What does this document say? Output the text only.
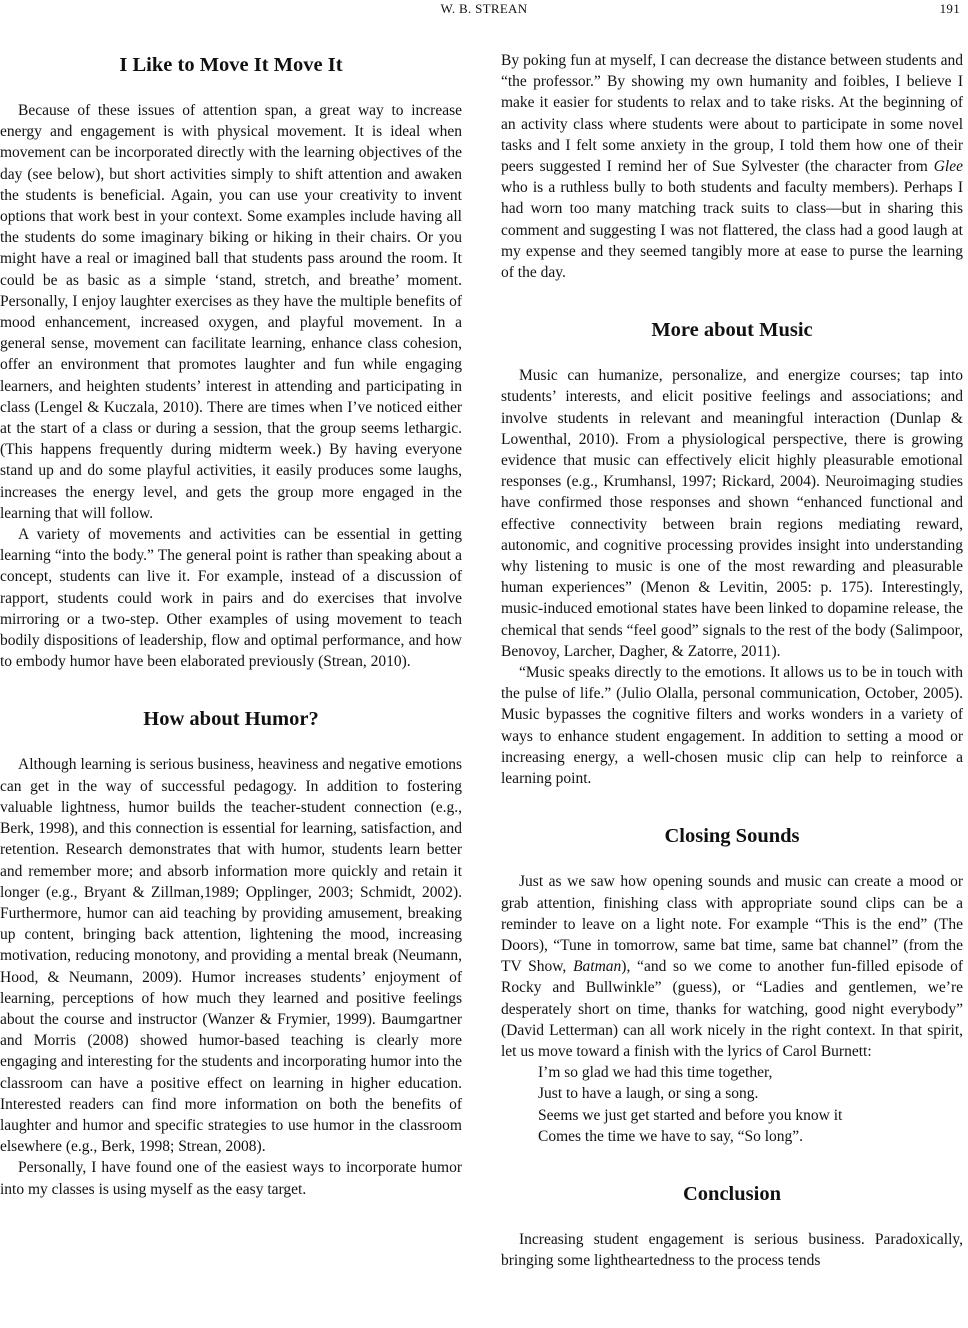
W. B. STREAN	191
I Like to Move It Move It

Because of these issues of attention span, a great way to increase energy and engagement is with physical movement. It is ideal when movement can be incorporated directly with the learning objectives of the day (see below), but short activities simply to shift attention and awaken the students is beneficial. Again, you can use your creativity to invent options that work best in your context. Some examples include having all the students do some imaginary biking or hiking in their chairs. Or you might have a real or imagined ball that students pass around the room. It could be as basic as a simple ‘stand, stretch, and breathe’ moment. Personally, I enjoy laughter exercises as they have the multiple benefits of mood enhancement, increased oxygen, and playful movement. In a general sense, movement can facilitate learning, enhance class cohesion, offer an environment that promotes laughter and fun while engaging learners, and heighten students’ interest in attending and participating in class (Lengel & Kuczala, 2010). There are times when I’ve noticed either at the start of a class or during a session, that the group seems lethargic. (This happens frequently during midterm week.) By having everyone stand up and do some playful activities, it easily produces some laughs, increases the energy level, and gets the group more engaged in the learning that will follow.

A variety of movements and activities can be essential in getting learning “into the body.” The general point is rather than speaking about a concept, students can live it. For example, instead of a discussion of rapport, students could work in pairs and do exercises that involve mirroring or a two-step. Other examples of using movement to teach bodily dispositions of leadership, flow and optimal performance, and how to embody humor have been elaborated previously (Strean, 2010).

How about Humor?

Although learning is serious business, heaviness and negative emotions can get in the way of successful pedagogy. In addition to fostering valuable lightness, humor builds the teacher-student connection (e.g., Berk, 1998), and this connection is essential for learning, satisfaction, and retention. Research demonstrates that with humor, students learn better and remember more; and absorb information more quickly and retain it longer (e.g., Bryant & Zillman,1989; Opplinger, 2003; Schmidt, 2002). Furthermore, humor can aid teaching by providing amusement, breaking up content, bringing back attention, lightening the mood, increasing motivation, reducing monotony, and providing a mental break (Neumann, Hood, & Neumann, 2009). Humor increases students’ enjoyment of learning, perceptions of how much they learned and positive feelings about the course and instructor (Wanzer & Frymier, 1999). Baumgartner and Morris (2008) showed humor-based teaching is clearly more engaging and interesting for the students and incorporating humor into the classroom can have a positive effect on learning in higher education. Interested readers can find more information on both the benefits of laughter and humor and specific strategies to use humor in the classroom elsewhere (e.g., Berk, 1998; Strean, 2008).

Personally, I have found one of the easiest ways to incorporate humor into my classes is using myself as the easy target.

By poking fun at myself, I can decrease the distance between students and “the professor.” By showing my own humanity and foibles, I believe I make it easier for students to relax and to take risks. At the beginning of an activity class where students were about to participate in some novel tasks and I felt some anxiety in the group, I told them how one of their peers suggested I remind her of Sue Sylvester (the character from Glee who is a ruthless bully to both students and faculty members). Perhaps I had worn too many matching track suits to class—but in sharing this comment and suggesting I was not flattered, the class had a good laugh at my expense and they seemed tangibly more at ease to purse the learning of the day.

More about Music

Music can humanize, personalize, and energize courses; tap into students’ interests, and elicit positive feelings and associations; and involve students in relevant and meaningful interaction (Dunlap & Lowenthal, 2010). From a physiological perspective, there is growing evidence that music can effectively elicit highly pleasurable emotional responses (e.g., Krumhansl, 1997; Rickard, 2004). Neuroimaging studies have confirmed those responses and shown “enhanced functional and effective connectivity between brain regions mediating reward, autonomic, and cognitive processing provides insight into understanding why listening to music is one of the most rewarding and pleasurable human experiences” (Menon & Levitin, 2005: p. 175). Interestingly, music-induced emotional states have been linked to dopamine release, the chemical that sends “feel good” signals to the rest of the body (Salimpoor, Benovoy, Larcher, Dagher, & Zatorre, 2011).

“Music speaks directly to the emotions. It allows us to be in touch with the pulse of life.” (Julio Olalla, personal communication, October, 2005). Music bypasses the cognitive filters and works wonders in a variety of ways to enhance student engagement. In addition to setting a mood or increasing energy, a well-chosen music clip can help to reinforce a learning point.

Closing Sounds

Just as we saw how opening sounds and music can create a mood or grab attention, finishing class with appropriate sound clips can be a reminder to leave on a light note. For example “This is the end” (The Doors), “Tune in tomorrow, same bat time, same bat channel” (from the TV Show, Batman), “and so we come to another fun-filled episode of Rocky and Bullwinkle” (guess), or “Ladies and gentlemen, we’re desperately short on time, thanks for watching, good night everybody” (David Letterman) can all work nicely in the right context. In that spirit, let us move toward a finish with the lyrics of Carol Burnett:

I’m so glad we had this time together,

Just to have a laugh, or sing a song.

Seems we just get started and before you know it

Comes the time we have to say, “So long”.

Conclusion

Increasing student engagement is serious business. Paradoxically, bringing some lightheartedness to the process tends
